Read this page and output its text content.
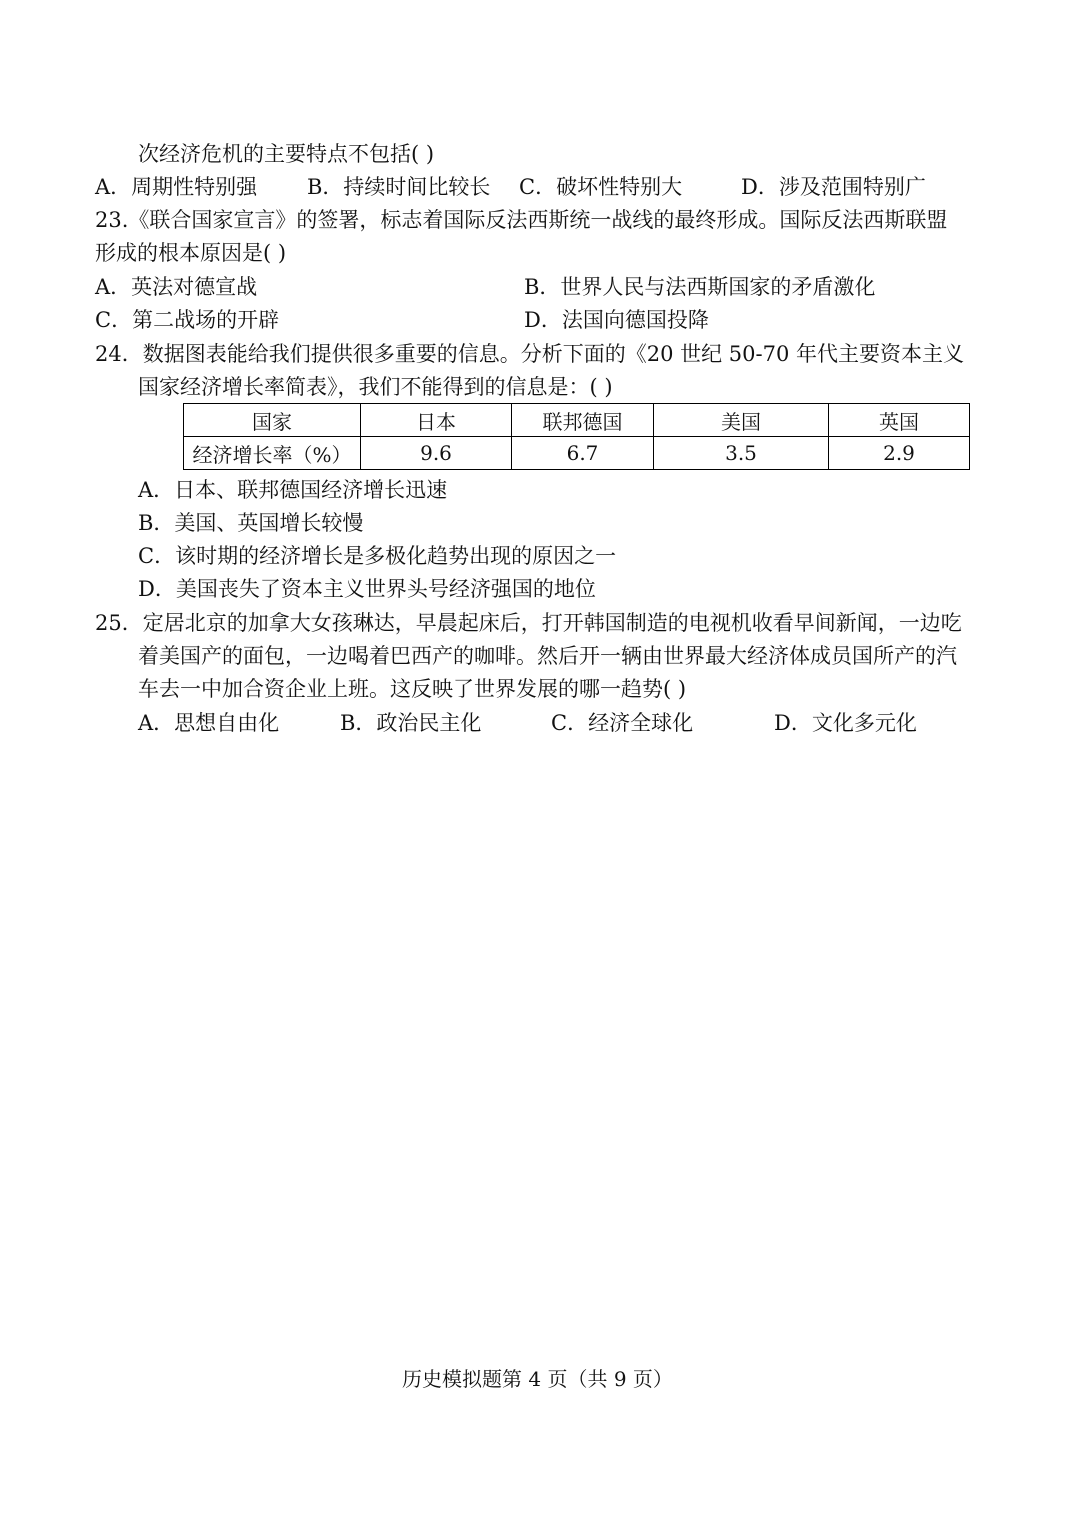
次经济危机的主要特点不包括( )
A．周期性特别强 B．持续时间比较长 C．破坏性特别大	D．涉及范围特别广
23.《联合国家宣言》的签署，标志着国际反法西斯统一战线的最终形成。国际反法西斯联盟
形成的根本原因是( )
A．英法对德宣战	B．世界人民与法西斯国家的矛盾激化
C．第二战场的开辟	D．法国向德国投降
24．数据图表能给我们提供很多重要的信息。分析下面的《20 世纪 50-70 年代主要资本主义
国家经济增长率简表》，我们不能得到的信息是：( )
国家	日本	联邦德国	美国	英国
经济增长率（%）	9.6	6.7	3.5	2.9
A．日本、联邦德国经济增长迅速
B．美国、英国增长较慢
C．该时期的经济增长是多极化趋势出现的原因之一
D．美国丧失了资本主义世界头号经济强国的地位
25．定居北京的加拿大女孩琳达，早晨起床后，打开韩国制造的电视机收看早间新闻，一边吃
着美国产的面包，一边喝着巴西产的咖啡。然后开一辆由世界最大经济体成员国所产的汽
车去一中加合资企业上班。这反映了世界发展的哪一趋势( )
A．思想自由化	B．政治民主化	C．经济全球化	D．文化多元化
历史模拟题第 4 页（共 9 页）
